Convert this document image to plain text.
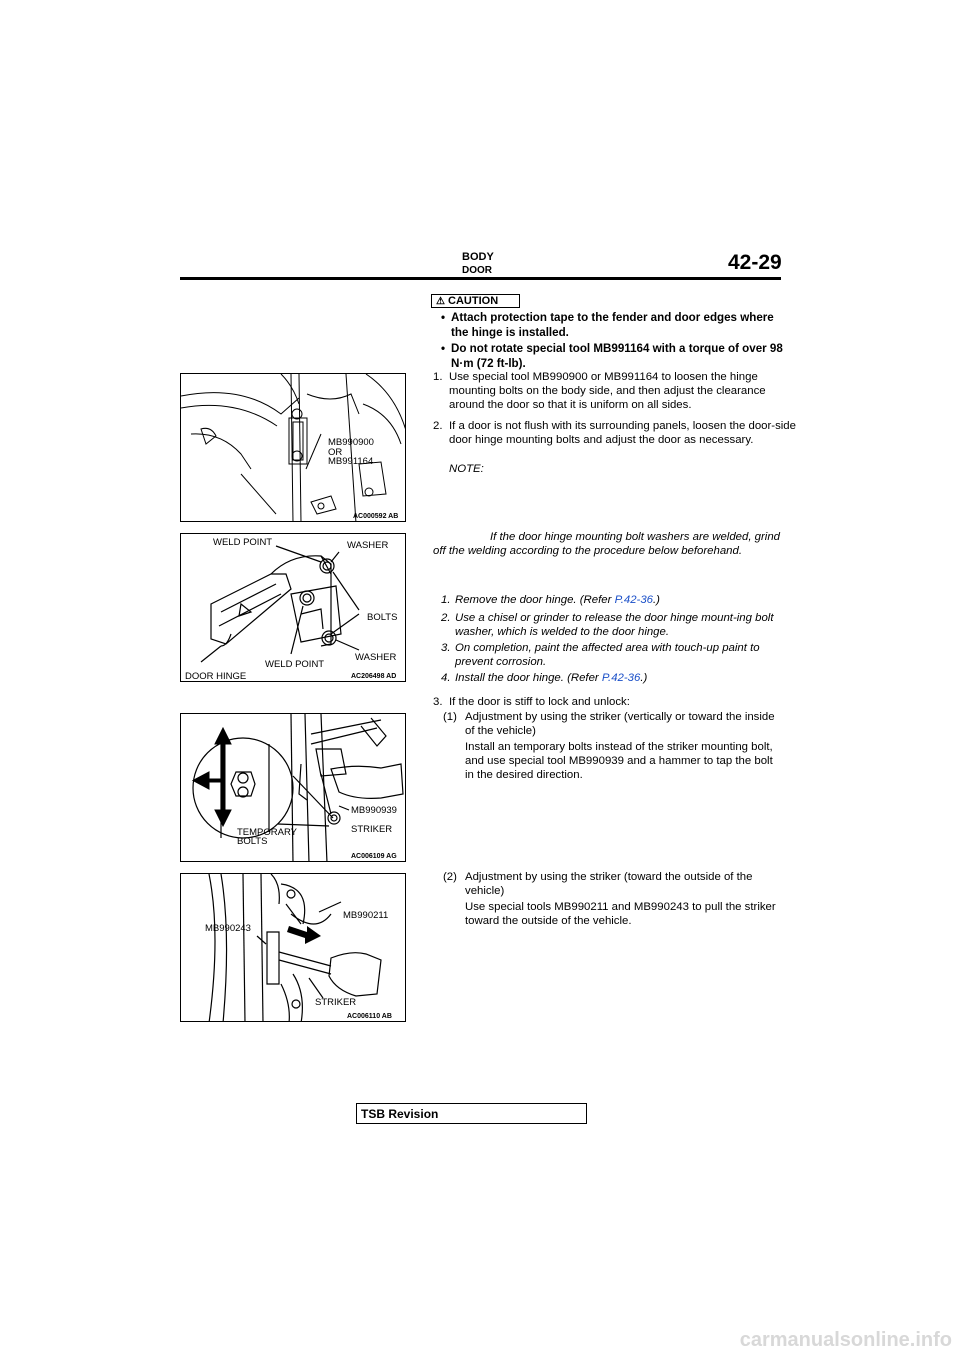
BODY
DOOR	42-29
⚠ CAUTION
• Attach protection tape to the fender and door edges where the hinge is installed.
• Do not rotate special tool MB991164 with a torque of over 98 N·m (72 ft-lb).
1. Use special tool MB990900 or MB991164 to loosen the hinge mounting bolts on the body side, and then adjust the clearance around the door so that it is uniform on all sides.
2. If a door is not flush with its surrounding panels, loosen the door-side door hinge mounting bolts and adjust the door as necessary.
NOTE:
If the door hinge mounting bolt washers are welded, grind off the welding according to the procedure below beforehand.
1. Remove the door hinge. (Refer P.42-36.)
2. Use a chisel or grinder to release the door hinge mount-ing bolt washer, which is welded to the door hinge.
3. On completion, paint the affected area with touch-up paint to prevent corrosion.
4. Install the door hinge. (Refer P.42-36.)
3. If the door is stiff to lock and unlock:
(1) Adjustment by using the striker (vertically or toward the inside of the vehicle)
Install an temporary bolts instead of the striker mounting bolt, and use special tool MB990939 and a hammer to tap the bolt in the desired direction.
(2) Adjustment by using the striker (toward the outside of the vehicle)
Use special tools MB990211 and MB990243 to pull the striker toward the outside of the vehicle.
MB990900
OR
MB991164
AC000592 AB
WELD POINT	WASHER
BOLTS
WELD POINT
WASHER
DOOR HINGE	AC206498 AD
MB990939
STRIKER
TEMPORARY
BOLTS
AC006109 AG
MB990243
MB990211
STRIKER
AC006110 AB
TSB Revision
carmanualsonline.info
